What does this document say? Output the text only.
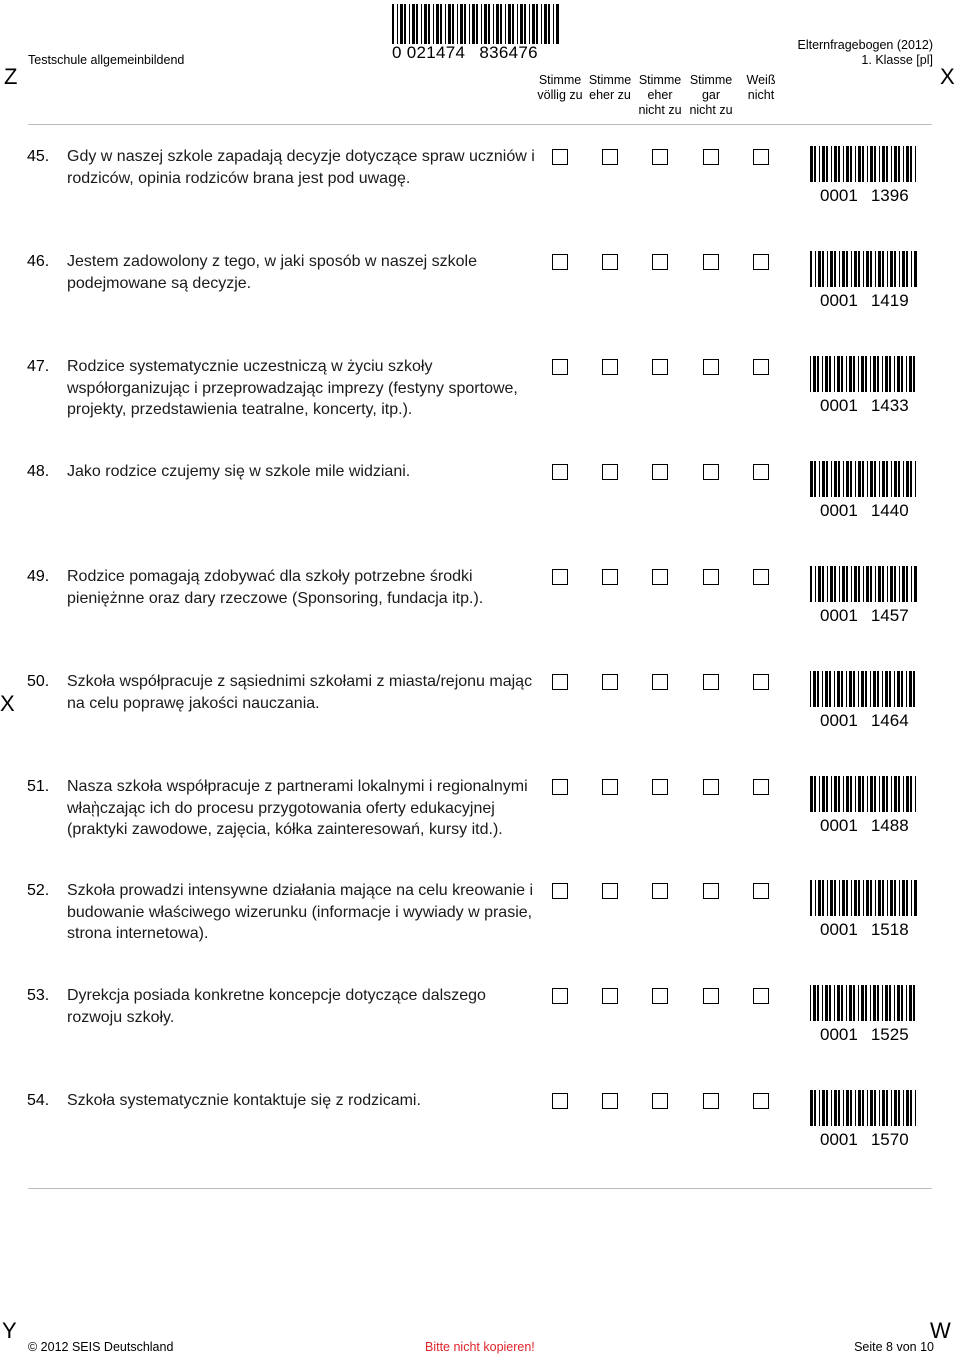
Z	X
X
Y	W
Testschule allgemeinbildend	0 021474 836476	Elternfragebogen (2012)
1. Klasse [pl]
Stimme
völlig zu
Stimme
eher zu
Stimme
eher
nicht zu
Stimme
gar
nicht zu
Weiß
nicht
45. Gdy w naszej szkole zapadają decyzje dotyczące spraw uczniów i rodziców, opinia rodziców brana jest pod uwagę.
0001 1396
46. Jestem zadowolony z tego, w jaki sposób w naszej szkole podejmowane są decyzje.
0001 1419
47. Rodzice systematycznie uczestniczą w życiu szkoły współorganizując i przeprowadzając imprezy (festyny sportowe, projekty, przedstawienia teatralne, koncerty, itp.).	0001 1433
48. Jako rodzice czujemy się w szkole mile widziani.
0001 1440
49. Rodzice pomagają zdobywać dla szkoły potrzebne środki pieniężnne oraz dary rzeczowe (Sponsoring, fundacja itp.).
0001 1457
50. Szkoła współpracuje z sąsiednimi szkołami z miasta/rejonu mając na celu poprawę jakości nauczania.
0001 1464
51. Nasza szkoła współpracuje z partnerami lokalnymi i regionalnymi właῂczając ich do procesu przygotowania oferty edukacyjnej (praktyki zawodowe, zajęcia, kółka zainteresowań, kursy itd.).	0001 1488
52. Szkoła prowadzi intensywne działania mające na celu kreowanie i budowanie właściwego wizerunku (informacje i wywiady w prasie, strona internetowa).	0001 1518
53. Dyrekcja posiada konkretne koncepcje dotyczące dalszego rozwoju szkoły.
0001 1525
54. Szkoła systematycznie kontaktuje się z rodzicami.
0001 1570
© 2012 SEIS Deutschland	Bitte nicht kopieren!	Seite 8 von 10
